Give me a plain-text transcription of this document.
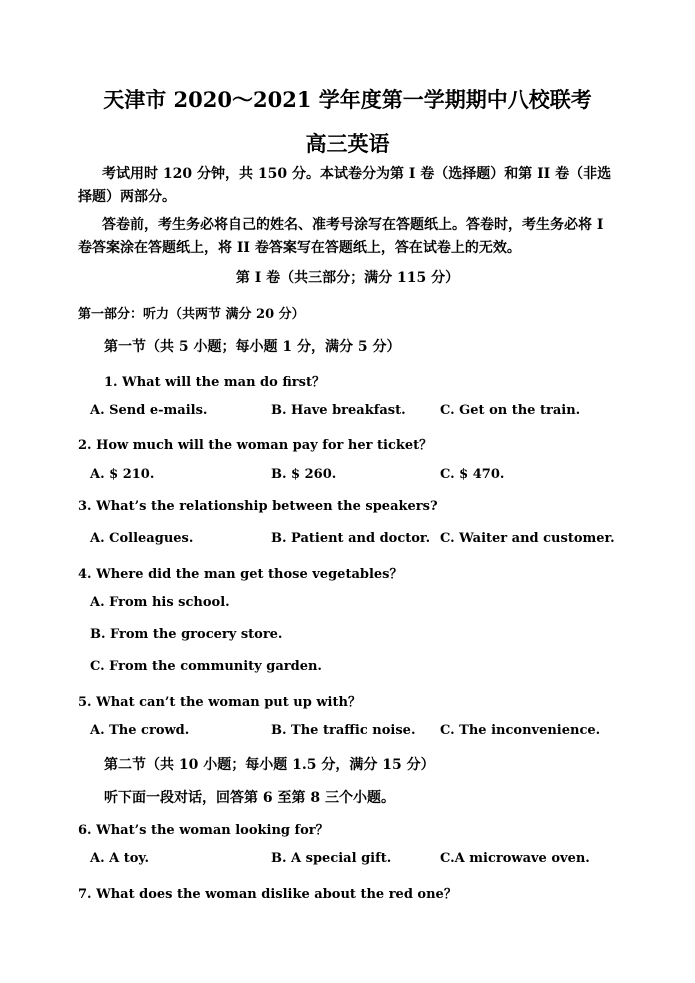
天津市 2020～2021 学年度第一学期期中八校联考
高三英语
考试用时 120 分钟，共 150 分。本试卷分为第 I 卷（选择题）和第 II 卷（非选择题）两部分。
答卷前，考生务必将自己的姓名、准考号涂写在答题纸上。答卷时，考生务必将 I 卷答案涂在答题纸上，将 II 卷答案写在答题纸上，答在试卷上的无效。
第 I 卷（共三部分；满分 115 分）
第一部分：听力（共两节 满分 20 分）
第一节（共 5 小题；每小题 1 分，满分 5 分）
1. What will the man do first？
A. Send e-mails.	B. Have breakfast.	C. Get on the train.
2. How much will the woman pay for her ticket？
A. $ 210.	B. $ 260.	C. $ 470.
3. What’s the relationship between the speakers?
A. Colleagues.	B. Patient and doctor. C. Waiter and customer.
4. Where did the man get those vegetables？
A. From his school.
B. From the grocery store.
C. From the community garden.
5. What can’t the woman put up with？
A. The crowd.	B. The traffic noise. C. The inconvenience.
第二节（共 10 小题；每小题 1.5 分，满分 15 分）
听下面一段对话，回答第 6 至第 8 三个小题。
6. What’s the woman looking for？
A. A toy.	B. A special gift.	C.A microwave oven.
7. What does the woman dislike about the red one？
